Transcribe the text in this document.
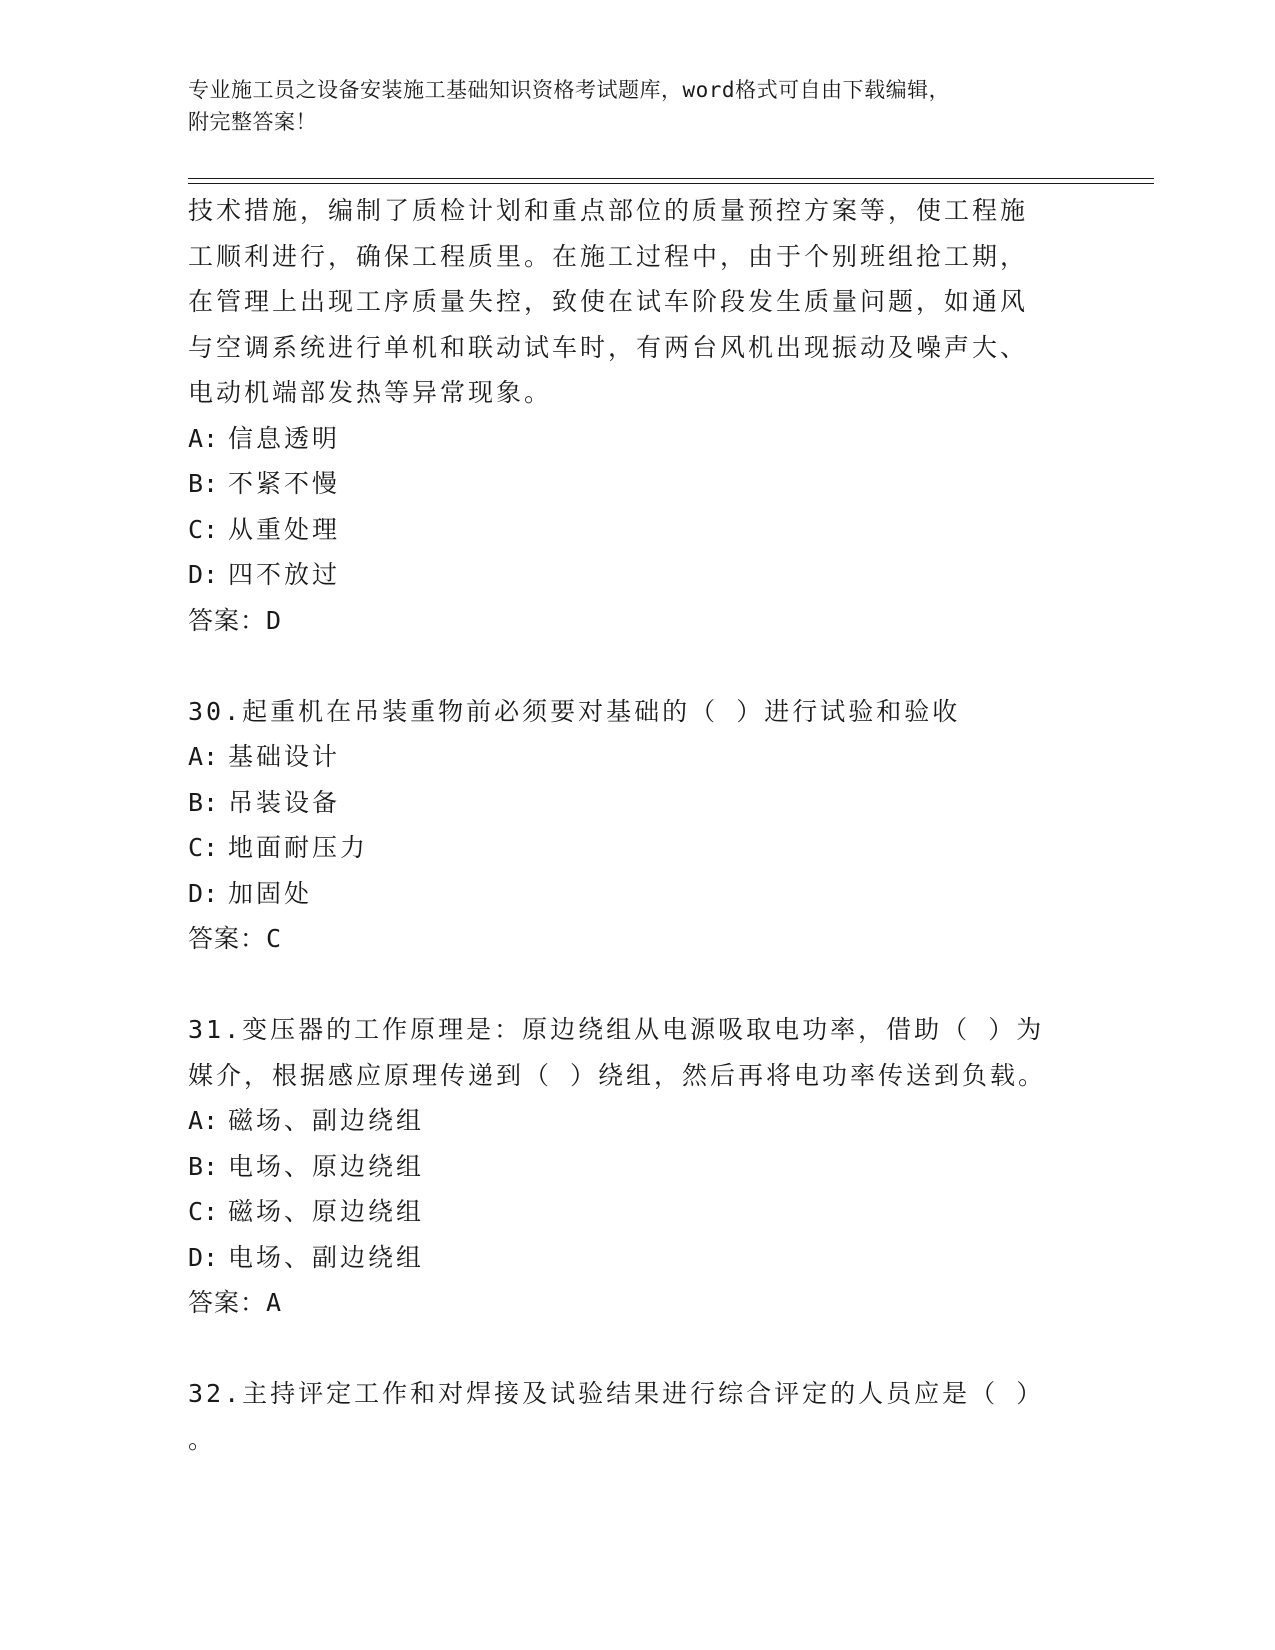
专业施工员之设备安装施工基础知识资格考试题库，word格式可自由下载编辑，
附完整答案！
技术措施，编制了质检计划和重点部位的质量预控方案等，使工程施
工顺利进行，确保工程质里。在施工过程中，由于个别班组抢工期，
在管理上出现工序质量失控，致使在试车阶段发生质量问题，如通风
与空调系统进行单机和联动试车时，有两台风机出现振动及噪声大、
电动机端部发热等异常现象。
A: 信息透明
B: 不紧不慢
C: 从重处理
D: 四不放过
答案：D
30.起重机在吊装重物前必须要对基础的（ ）进行试验和验收
A: 基础设计
B: 吊装设备
C: 地面耐压力
D: 加固处
答案：C
31.变压器的工作原理是：原边绕组从电源吸取电功率，借助（ ）为
媒介，根据感应原理传递到（ ）绕组，然后再将电功率传送到负载。
A: 磁场、副边绕组
B: 电场、原边绕组
C: 磁场、原边绕组
D: 电场、副边绕组
答案：A
32.主持评定工作和对焊接及试验结果进行综合评定的人员应是（ ）
。
